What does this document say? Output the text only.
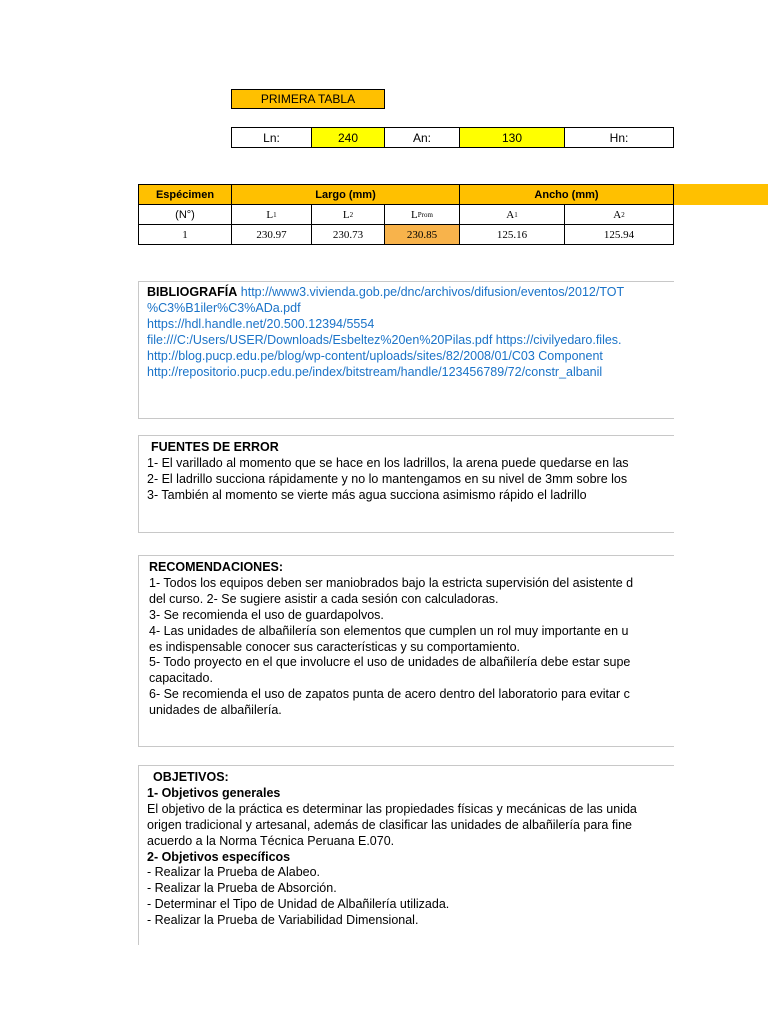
PRIMERA TABLA
Ln:	240	An:	130	Hn:
Espécimen	Largo (mm)	Ancho (mm)
(N°)	L 1	L 2	L Prom	A 1	A 2
1	230.97	230.73	230.85	125.16	125.94
BIBLIOGRAFÍA http://www3.vivienda.gob.pe/dnc/archivos/difusion/eventos/2012/TOT
%C3%B1iler%C3%ADa.pdf
https://hdl.handle.net/20.500.12394/5554
file:///C:/Users/USER/Downloads/Esbeltez%20en%20Pilas.pdf https://civilyedaro.files.
http://blog.pucp.edu.pe/blog/wp-content/uploads/sites/82/2008/01/C03 Component
http://repositorio.pucp.edu.pe/index/bitstream/handle/123456789/72/constr_albanil
FUENTES DE ERROR
1- El varillado al momento que se hace en los ladrillos, la arena puede quedarse en las
2- El ladrillo succiona rápidamente y no lo mantengamos en su nivel de 3mm sobre los
3- También al momento se vierte más agua succiona asimismo rápido el ladrillo
RECOMENDACIONES:
1- Todos los equipos deben ser maniobrados bajo la estricta supervisión del asistente d
del curso. 2- Se sugiere asistir a cada sesión con calculadoras.
3- Se recomienda el uso de guardapolvos.
4- Las unidades de albañilería son elementos que cumplen un rol muy importante en u
es indispensable conocer sus características y su comportamiento.
5- Todo proyecto en el que involucre el uso de unidades de albañilería debe estar supe
capacitado.
6- Se recomienda el uso de zapatos punta de acero dentro del laboratorio para evitar c
unidades de albañilería.
OBJETIVOS:
1- Objetivos generales
El objetivo de la práctica es determinar las propiedades físicas y mecánicas de las unida
origen tradicional y artesanal, además de clasificar las unidades de albañilería para fine
acuerdo a la Norma Técnica Peruana E.070.
2- Objetivos específicos
- Realizar la Prueba de Alabeo.
- Realizar la Prueba de Absorción.
- Determinar el Tipo de Unidad de Albañilería utilizada.
- Realizar la Prueba de Variabilidad Dimensional.
